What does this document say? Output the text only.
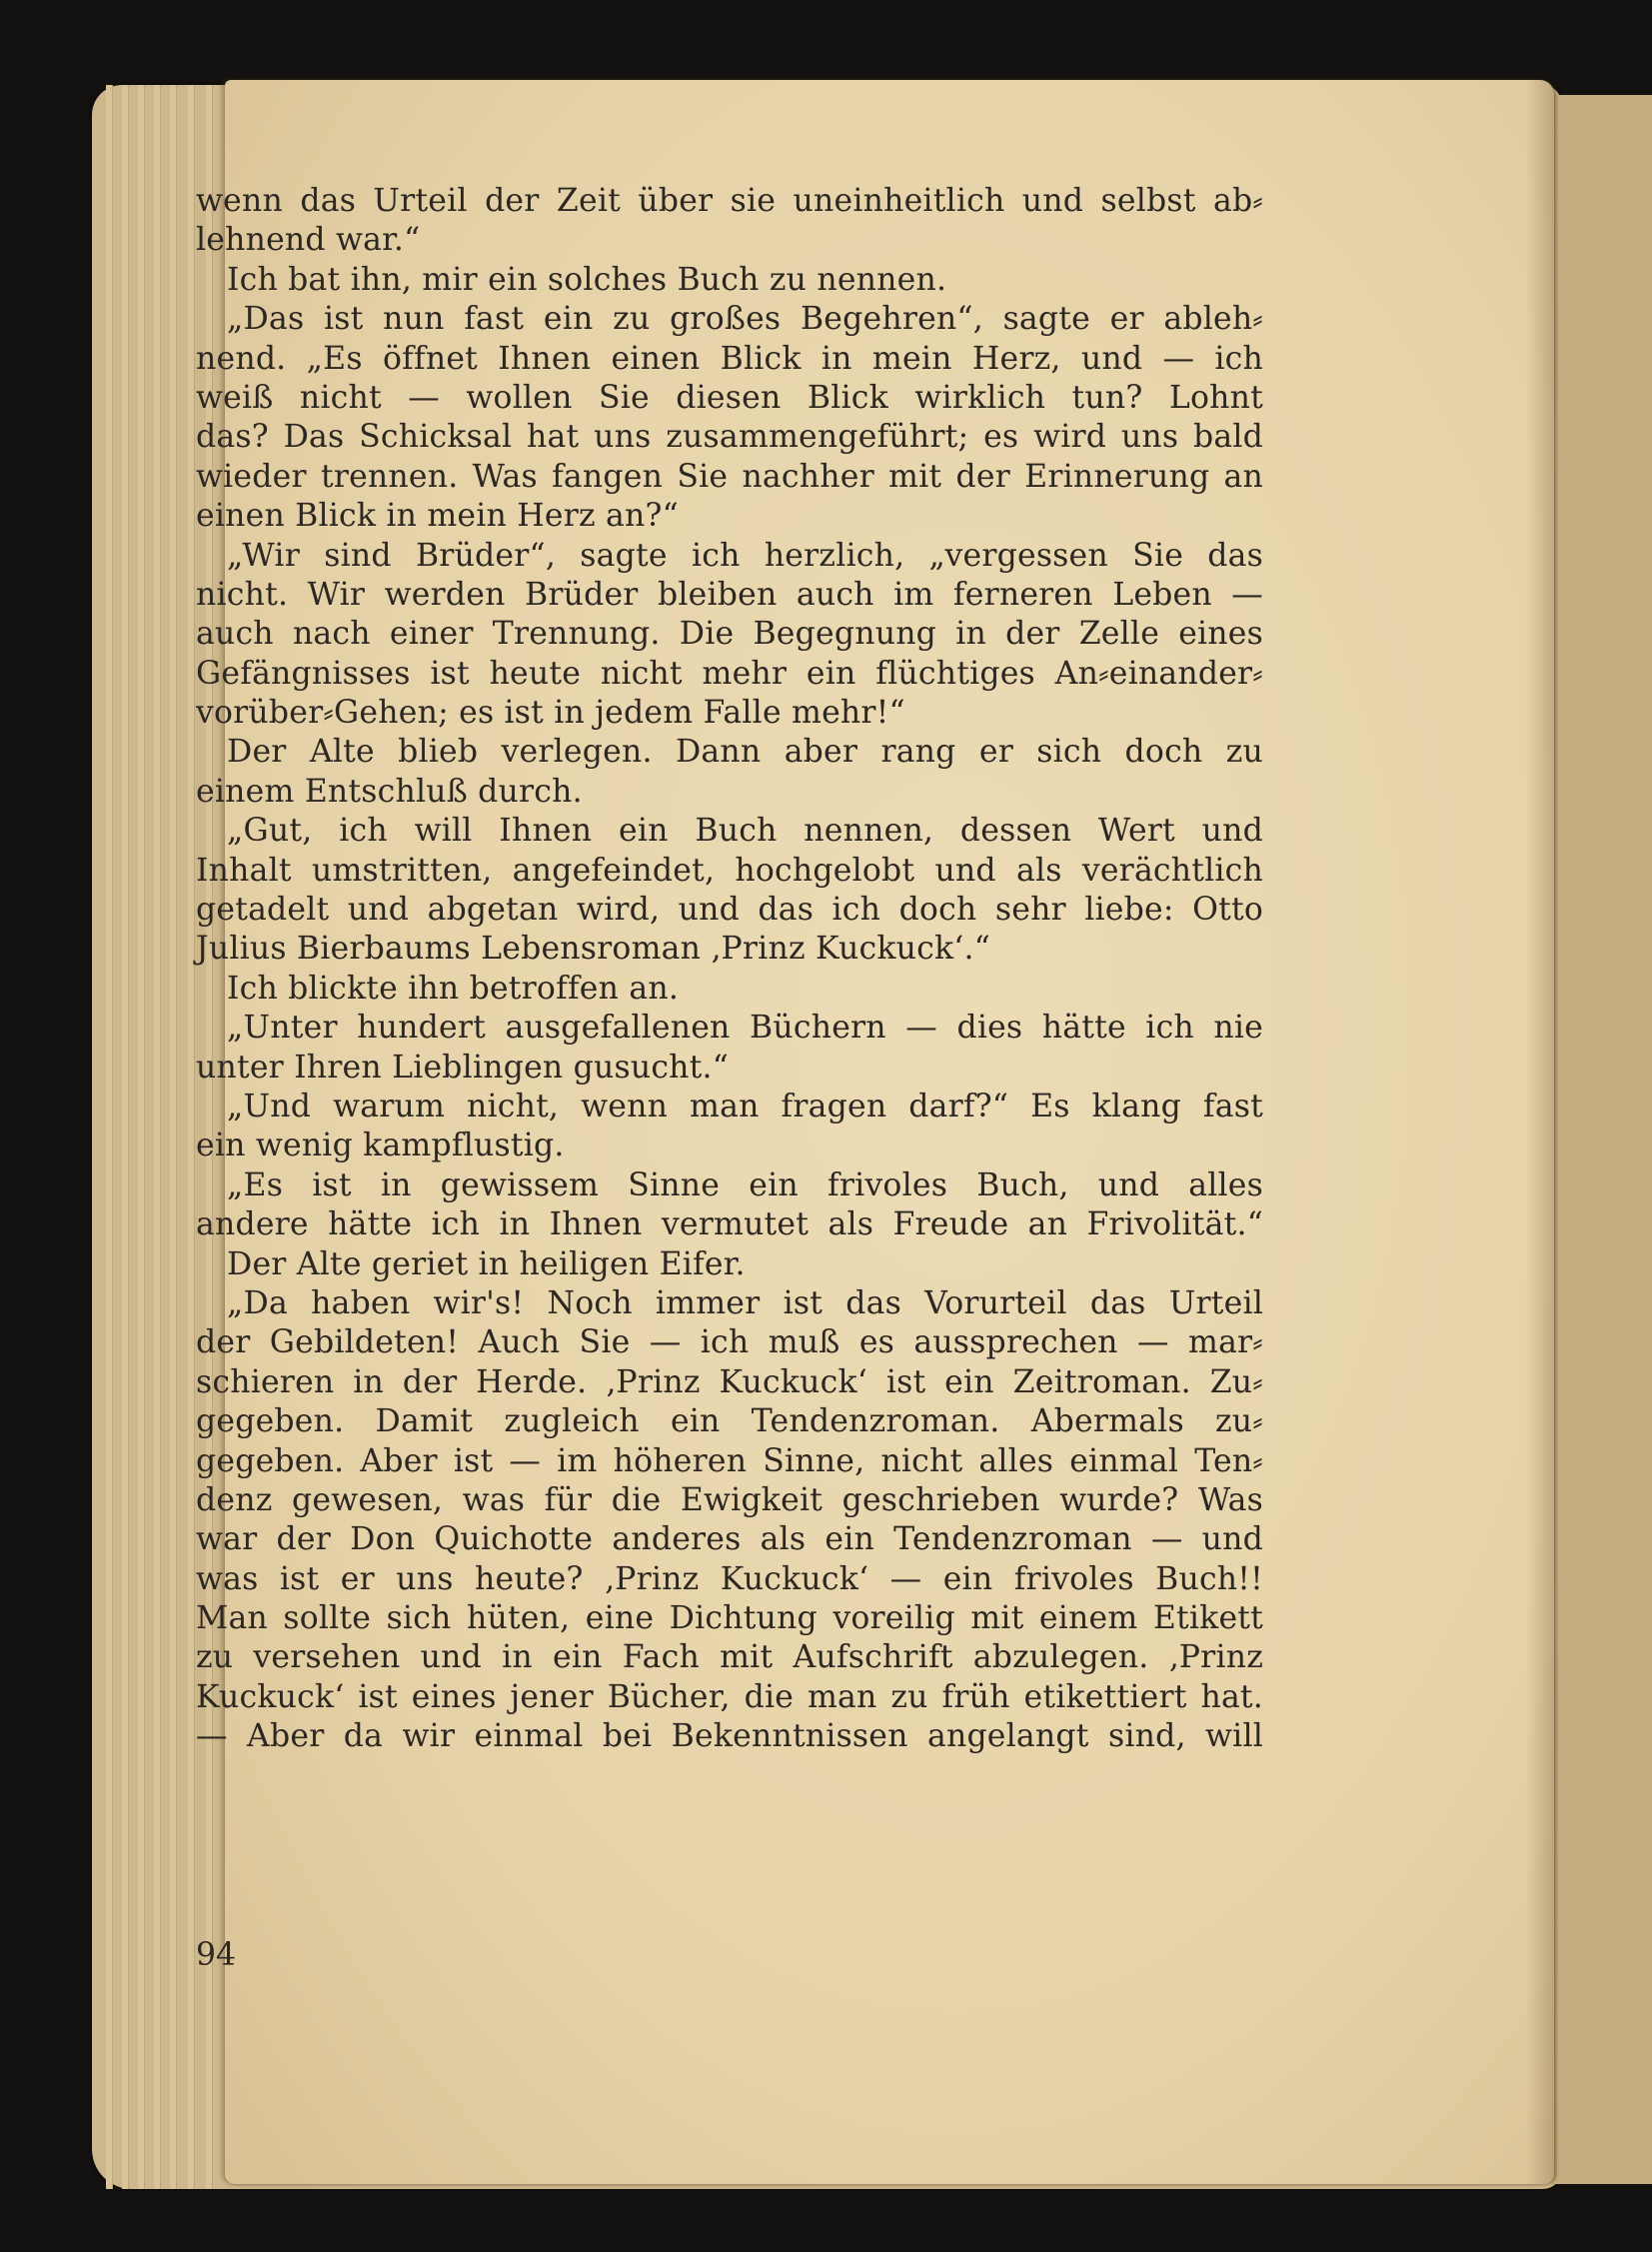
wenn das Urteil der Zeit über sie uneinheitlich und selbst ab⸗
lehnend war.“
Ich bat ihn, mir ein solches Buch zu nennen.
„Das ist nun fast ein zu großes Begehren“, sagte er ableh⸗
nend. „Es öffnet Ihnen einen Blick in mein Herz, und — ich
weiß nicht — wollen Sie diesen Blick wirklich tun? Lohnt
das? Das Schicksal hat uns zusammengeführt; es wird uns bald
wieder trennen. Was fangen Sie nachher mit der Erinnerung an
einen Blick in mein Herz an?“
„Wir sind Brüder“, sagte ich herzlich, „vergessen Sie das
nicht. Wir werden Brüder bleiben auch im ferneren Leben —
auch nach einer Trennung. Die Begegnung in der Zelle eines
Gefängnisses ist heute nicht mehr ein flüchtiges An⸗einander⸗
vorüber⸗Gehen; es ist in jedem Falle mehr!“
Der Alte blieb verlegen. Dann aber rang er sich doch zu
einem Entschluß durch.
„Gut, ich will Ihnen ein Buch nennen, dessen Wert und
Inhalt umstritten, angefeindet, hochgelobt und als verächtlich
getadelt und abgetan wird, und das ich doch sehr liebe: Otto
Julius Bierbaums Lebensroman ‚Prinz Kuckuck‘.“
Ich blickte ihn betroffen an.
„Unter hundert ausgefallenen Büchern — dies hätte ich nie
unter Ihren Lieblingen gusucht.“
„Und warum nicht, wenn man fragen darf?“ Es klang fast
ein wenig kampflustig.
„Es ist in gewissem Sinne ein frivoles Buch, und alles
andere hätte ich in Ihnen vermutet als Freude an Frivolität.“
Der Alte geriet in heiligen Eifer.
„Da haben wir's! Noch immer ist das Vorurteil das Urteil
der Gebildeten! Auch Sie — ich muß es aussprechen — mar⸗
schieren in der Herde. ‚Prinz Kuckuck‘ ist ein Zeitroman. Zu⸗
gegeben. Damit zugleich ein Tendenzroman. Abermals zu⸗
gegeben. Aber ist — im höheren Sinne, nicht alles einmal Ten⸗
denz gewesen, was für die Ewigkeit geschrieben wurde? Was
war der Don Quichotte anderes als ein Tendenzroman — und
was ist er uns heute? ‚Prinz Kuckuck‘ — ein frivoles Buch!!
Man sollte sich hüten, eine Dichtung voreilig mit einem Etikett
zu versehen und in ein Fach mit Aufschrift abzulegen. ‚Prinz
Kuckuck‘ ist eines jener Bücher, die man zu früh etikettiert hat.
— Aber da wir einmal bei Bekenntnissen angelangt sind, will
94
